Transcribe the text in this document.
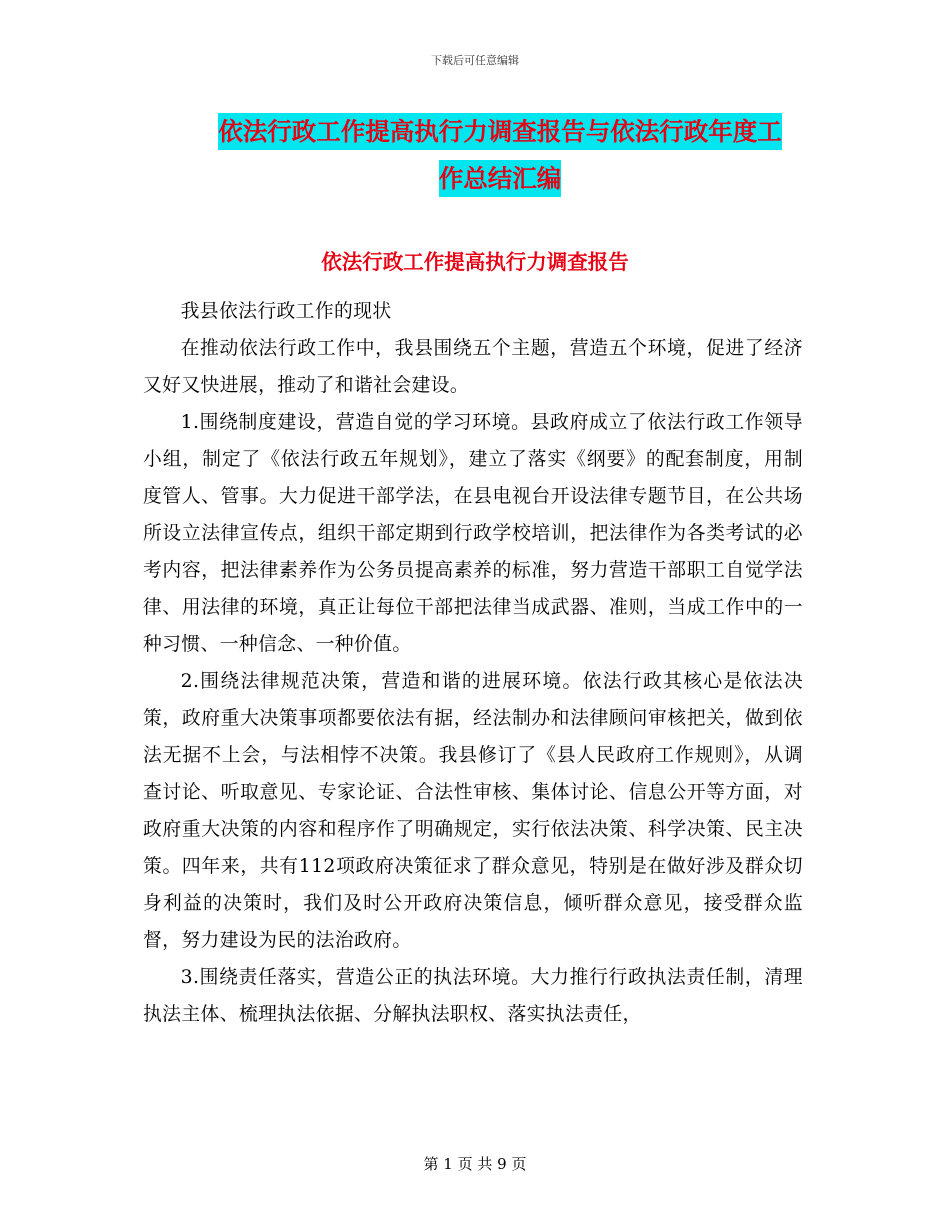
下载后可任意编辑
依法行政工作提高执行力调查报告与依法行政年度工
作总结汇编
依法行政工作提高执行力调查报告

我县依法行政工作的现状

在推动依法行政工作中，我县围绕五个主题，营造五个环境，促进了经济又好又快进展，推动了和谐社会建设。

1.围绕制度建设，营造自觉的学习环境。县政府成立了依法行政工作领导小组，制定了《依法行政五年规划》，建立了落实《纲要》的配套制度，用制度管人、管事。大力促进干部学法，在县电视台开设法律专题节目，在公共场所设立法律宣传点，组织干部定期到行政学校培训，把法律作为各类考试的必考内容，把法律素养作为公务员提高素养的标准，努力营造干部职工自觉学法律、用法律的环境，真正让每位干部把法律当成武器、准则，当成工作中的一种习惯、一种信念、一种价值。

2.围绕法律规范决策，营造和谐的进展环境。依法行政其核心是依法决策，政府重大决策事项都要依法有据，经法制办和法律顾问审核把关，做到依法无据不上会，与法相悖不决策。我县修订了《县人民政府工作规则》，从调查讨论、听取意见、专家论证、合法性审核、集体讨论、信息公开等方面，对政府重大决策的内容和程序作了明确规定，实行依法决策、科学决策、民主决策。四年来，共有112项政府决策征求了群众意见，特别是在做好涉及群众切身利益的决策时，我们及时公开政府决策信息，倾听群众意见，接受群众监督，努力建设为民的法治政府。

3.围绕责任落实，营造公正的执法环境。大力推行行政执法责任制，清理执法主体、梳理执法依据、分解执法职权、落实执法责任，

第 1 页 共 9 页
